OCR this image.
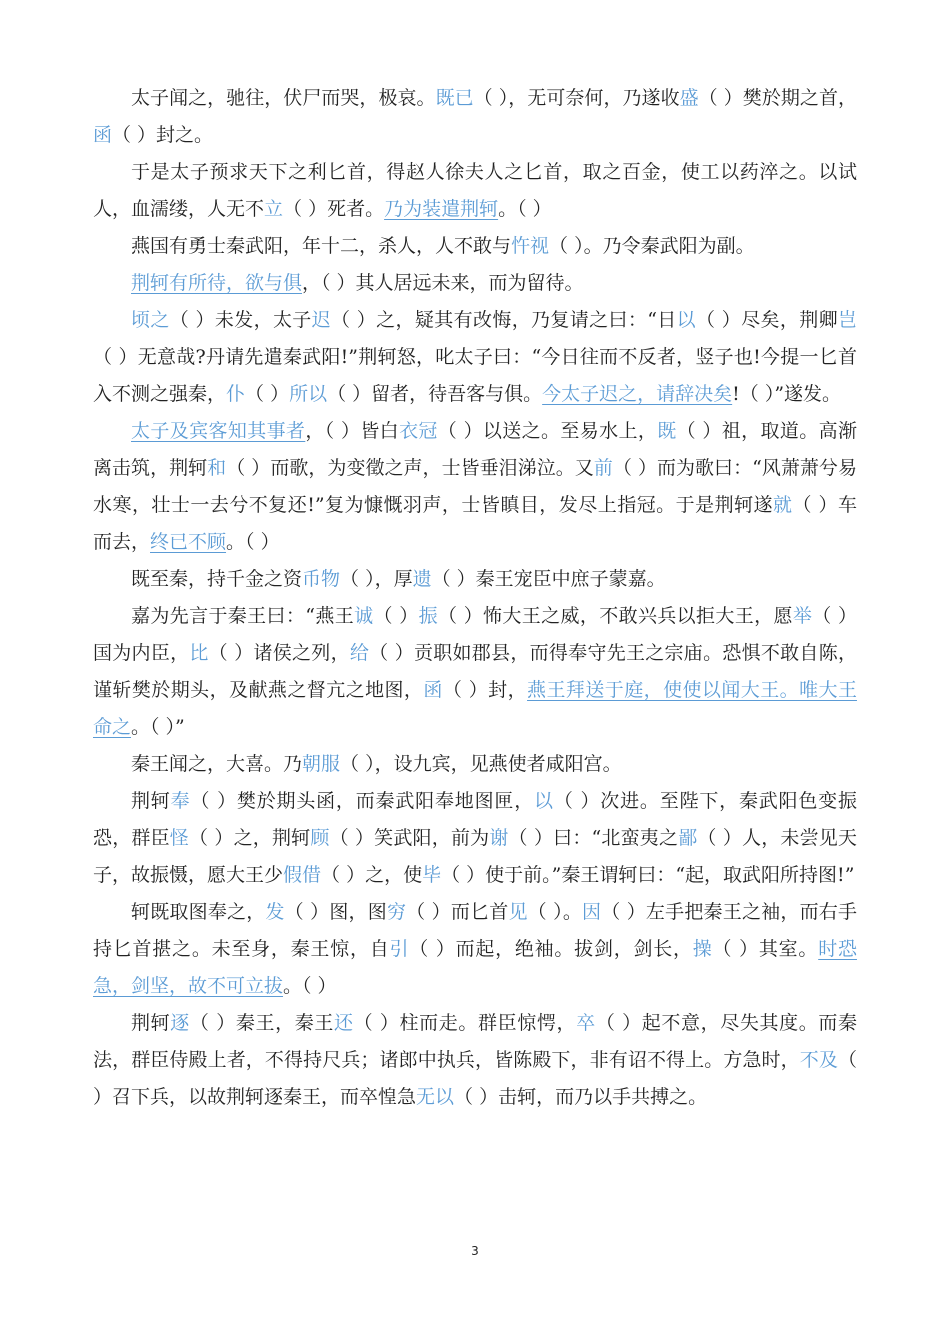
太子闻之，驰往，伏尸而哭，极哀。既已（ ），无可奈何，乃遂收盛（ ）樊於期之首，函（ ）封之。

于是太子预求天下之利匕首，得赵人徐夫人之匕首，取之百金，使工以药淬之。以试人，血濡缕，人无不立（ ）死者。乃为装遣荆轲。（ ）

燕国有勇士秦武阳，年十二，杀人，人不敢与忤视（ ）。乃令秦武阳为副。

荆轲有所待，欲与俱，（ ）其人居远未来，而为留待。

顷之（ ）未发，太子迟（ ）之，疑其有改悔，乃复请之曰：“日以（ ）尽矣，荆卿岂（ ）无意哉?丹请先遣秦武阳!”荆轲怒，叱太子曰：“今日往而不反者，竖子也!今提一匕首入不测之强秦，仆（ ）所以（ ）留者，待吾客与俱。今太子迟之，请辞决矣!（ ）”遂发。

太子及宾客知其事者，（ ）皆白衣冠（ ）以送之。至易水上，既（ ）祖，取道。高渐离击筑，荆轲和（ ）而歌，为变徵之声，士皆垂泪涕泣。又前（ ）而为歌曰：“风萧萧兮易水寒，壮士一去兮不复还!”复为慷慨羽声，士皆瞋目，发尽上指冠。于是荆轲遂就（ ）车而去，终已不顾。（ ）

既至秦，持千金之资币物（ ），厚遗（ ）秦王宠臣中庶子蒙嘉。

嘉为先言于秦王曰：“燕王诚（ ）振（ ）怖大王之威，不敢兴兵以拒大王，愿举（ ）国为内臣，比（ ）诸侯之列，给（ ）贡职如郡县，而得奉守先王之宗庙。恐惧不敢自陈，谨斩樊於期头，及献燕之督亢之地图，函（ ）封，燕王拜送于庭，使使以闻大王。唯大王命之。（ ）”

秦王闻之，大喜。乃朝服（ ），设九宾，见燕使者咸阳宫。

荆轲奉（ ）樊於期头函，而秦武阳奉地图匣，以（ ）次进。至陛下，秦武阳色变振恐，群臣怪（ ）之，荆轲顾（ ）笑武阳，前为谢（ ）曰：“北蛮夷之鄙（ ）人，未尝见天子，故振慑，愿大王少假借（ ）之，使毕（ ）使于前。”秦王谓轲曰：“起，取武阳所持图!”

轲既取图奉之，发（ ）图，图穷（ ）而匕首见（ ）。因（ ）左手把秦王之袖，而右手持匕首揕之。未至身，秦王惊，自引（ ）而起，绝袖。拔剑，剑长，操（ ）其室。时恐急，剑坚，故不可立拔。（ ）

荆轲逐（ ）秦王，秦王还（ ）柱而走。群臣惊愕，卒（ ）起不意，尽失其度。而秦法，群臣侍殿上者，不得持尺兵；诸郎中执兵，皆陈殿下，非有诏不得上。方急时，不及（ ）召下兵，以故荆轲逐秦王，而卒惶急无以（ ）击轲，而乃以手共搏之。

3
